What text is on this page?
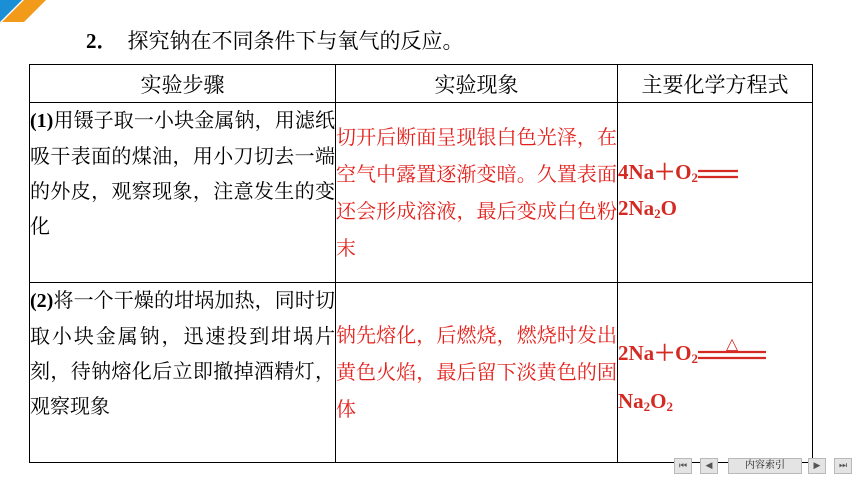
2． 探究钠在不同条件下与氧气的反应。
实验步骤	实验现象	主要化学方程式
(1)用镊子取一小块金属钠，用滤纸吸干表面的煤油，用小刀切去一端的外皮，观察现象，注意发生的变化	切开后断面呈现银白色光泽，在空气中露置逐渐变暗。久置表面还会形成溶液，最后变成白色粉末	$4Na+O_2$
$2Na_2O$

(2)将一个干燥的坩埚加热，同时切取小块金属钠，迅速投到坩埚片刻，待钠熔化后立即撤掉酒精灯，观察现象	钠先熔化，后燃烧，燃烧时发出黄色火焰，最后留下淡黄色的固体	$2Na+O_2$
△
$Na_2O_2$
⏮	◀	内容索引	▶	⏭
